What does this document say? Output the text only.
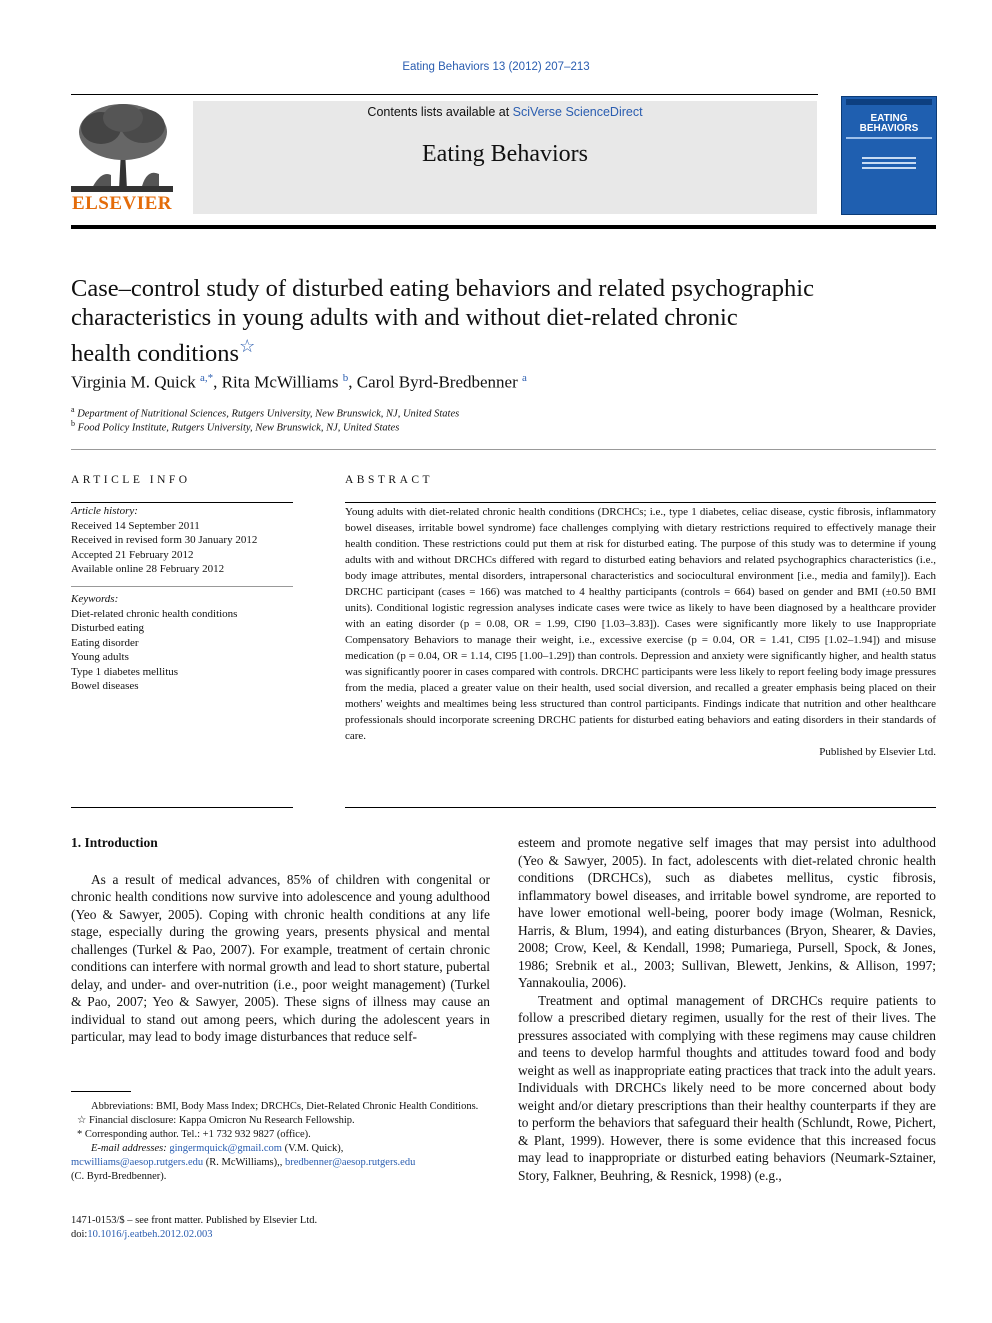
Eating Behaviors 13 (2012) 207–213
ELSEVIER
Contents lists available at SciVerse ScienceDirect
Eating Behaviors
EATING
BEHAVIORS
Case–control study of disturbed eating behaviors and related psychographic
characteristics in young adults with and without diet-related chronic
health conditions☆
Virginia M. Quick $^{a,*}$, Rita McWilliams $^b$, Carol Byrd-Bredbenner $^a$
$^a$ Department of Nutritional Sciences, Rutgers University, New Brunswick, NJ, United States
$^b$ Food Policy Institute, Rutgers University, New Brunswick, NJ, United States
ARTICLE INFO
Article history:
Received 14 September 2011
Received in revised form 30 January 2012
Accepted 21 February 2012
Available online 28 February 2012
Keywords:
Diet-related chronic health conditions
Disturbed eating
Eating disorder
Young adults
Type 1 diabetes mellitus
Bowel diseases
ABSTRACT
Young adults with diet-related chronic health conditions (DRCHCs; i.e., type 1 diabetes, celiac disease, cystic fibrosis, inflammatory bowel diseases, irritable bowel syndrome) face challenges complying with dietary restrictions required to effectively manage their health condition. These restrictions could put them at risk for disturbed eating. The purpose of this study was to determine if young adults with and without DRCHCs differed with regard to disturbed eating behaviors and related psychographics characteristics (i.e., body image attributes, mental disorders, intrapersonal characteristics and sociocultural environment [i.e., media and family]). Each DRCHC participant (cases = 166) was matched to 4 healthy participants (controls = 664) based on gender and BMI (±0.50 BMI units). Conditional logistic regression analyses indicate cases were twice as likely to have been diagnosed by a healthcare provider with an eating disorder (p = 0.08, OR = 1.99, CI90 [1.03–3.83]). Cases were significantly more likely to use Inappropriate Compensatory Behaviors to manage their weight, i.e., excessive exercise (p = 0.04, OR = 1.41, CI95 [1.02–1.94]) and misuse medication (p = 0.04, OR = 1.14, CI95 [1.00–1.29]) than controls. Depression and anxiety were significantly higher, and health status was significantly poorer in cases compared with controls. DRCHC participants were less likely to report feeling body image pressures from the media, placed a greater value on their health, used social diversion, and recalled a greater emphasis being placed on their mothers' weights and mealtimes being less structured than control participants. Findings indicate that nutrition and other healthcare professionals should incorporate screening DRCHC patients for disturbed eating behaviors and eating disorders in their standards of care.
Published by Elsevier Ltd.
1. Introduction

As a result of medical advances, 85% of children with congenital or chronic health conditions now survive into adolescence and young adulthood (Yeo & Sawyer, 2005). Coping with chronic health conditions at any life stage, especially during the growing years, presents physical and mental challenges (Turkel & Pao, 2007). For example, treatment of certain chronic conditions can interfere with normal growth and lead to short stature, pubertal delay, and under- and over-nutrition (i.e., poor weight management) (Turkel & Pao, 2007; Yeo & Sawyer, 2005). These signs of illness may cause an individual to stand out among peers, which during the adolescent years in particular, may lead to body image disturbances that reduce self-

esteem and promote negative self images that may persist into adulthood (Yeo & Sawyer, 2005). In fact, adolescents with diet-related chronic health conditions (DRCHCs), such as diabetes mellitus, cystic fibrosis, inflammatory bowel diseases, and irritable bowel syndrome, are reported to have lower emotional well-being, poorer body image (Wolman, Resnick, Harris, & Blum, 1994), and eating disturbances (Bryon, Shearer, & Davies, 2008; Crow, Keel, & Kendall, 1998; Pumariega, Pursell, Spock, & Jones, 1986; Srebnik et al., 2003; Sullivan, Blewett, Jenkins, & Allison, 1997; Yannakoulia, 2006).

Treatment and optimal management of DRCHCs require patients to follow a prescribed dietary regimen, usually for the rest of their lives. The pressures associated with complying with these regimens may cause children and teens to develop harmful thoughts and attitudes toward food and body weight as well as inappropriate eating practices that track into the adult years. Individuals with DRCHCs likely need to be more concerned about body weight and/or dietary prescriptions than their healthy counterparts if they are to perform the behaviors that safeguard their health (Schlundt, Rowe, Pichert, & Plant, 1999). However, there is some evidence that this increased focus may lead to inappropriate or disturbed eating behaviors (Neumark-Sztainer, Story, Falkner, Beuhring, & Resnick, 1998) (e.g.,

Abbreviations: BMI, Body Mass Index; DRCHCs, Diet-Related Chronic Health Conditions.
☆ Financial disclosure: Kappa Omicron Nu Research Fellowship.
* Corresponding author. Tel.: +1 732 932 9827 (office).
E-mail addresses: gingermquick@gmail.com (V.M. Quick),
mcwilliams@aesop.rutgers.edu (R. McWilliams),, bredbenner@aesop.rutgers.edu
(C. Byrd-Bredbenner).
1471-0153/$ – see front matter. Published by Elsevier Ltd.
doi:10.1016/j.eatbeh.2012.02.003
